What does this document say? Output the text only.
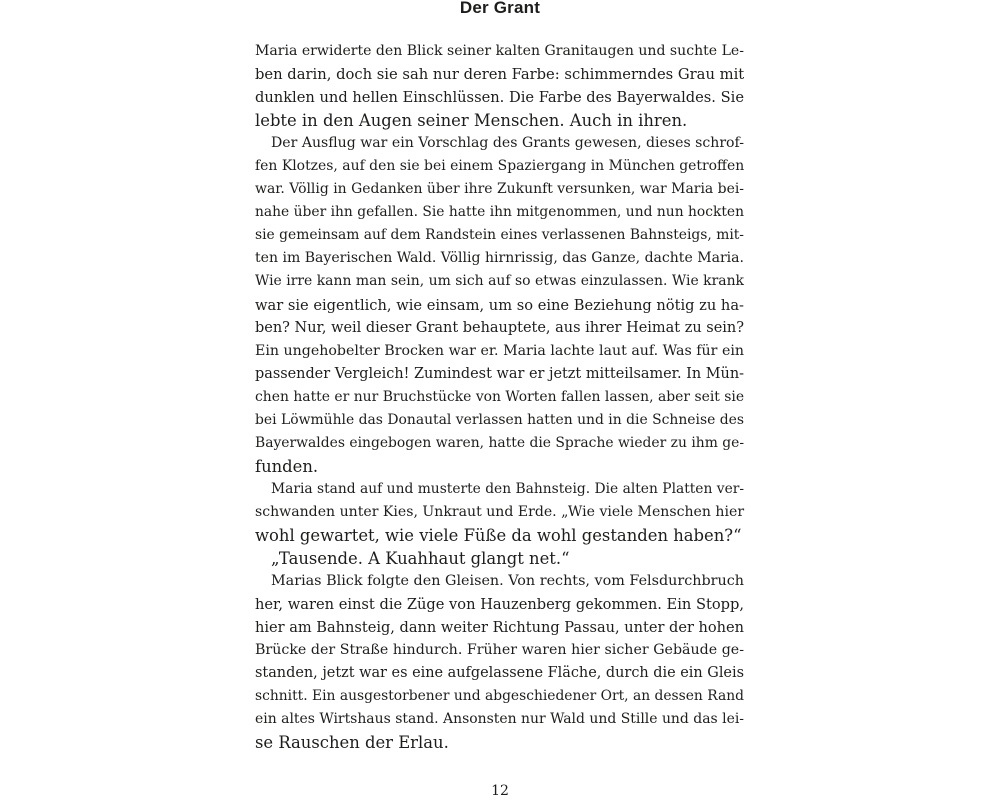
Der Grant
Maria erwiderte den Blick seiner kalten Granitaugen und suchte Le-
ben darin, doch sie sah nur deren Farbe: schimmerndes Grau mit
dunklen und hellen Einschlüssen. Die Farbe des Bayerwaldes. Sie
lebte in den Augen seiner Menschen. Auch in ihren.
Der Ausflug war ein Vorschlag des Grants gewesen, dieses schrof-
fen Klotzes, auf den sie bei einem Spaziergang in München getroffen
war. Völlig in Gedanken über ihre Zukunft versunken, war Maria bei-
nahe über ihn gefallen. Sie hatte ihn mitgenommen, und nun hockten
sie gemeinsam auf dem Randstein eines verlassenen Bahnsteigs, mit-
ten im Bayerischen Wald. Völlig hirnrissig, das Ganze, dachte Maria.
Wie irre kann man sein, um sich auf so etwas einzulassen. Wie krank
war sie eigentlich, wie einsam, um so eine Beziehung nötig zu ha-
ben? Nur, weil dieser Grant behauptete, aus ihrer Heimat zu sein?
Ein ungehobelter Brocken war er. Maria lachte laut auf. Was für ein
passender Vergleich! Zumindest war er jetzt mitteilsamer. In Mün-
chen hatte er nur Bruchstücke von Worten fallen lassen, aber seit sie
bei Löwmühle das Donautal verlassen hatten und in die Schneise des
Bayerwaldes eingebogen waren, hatte die Sprache wieder zu ihm ge-
funden.
Maria stand auf und musterte den Bahnsteig. Die alten Platten ver-
schwanden unter Kies, Unkraut und Erde. „Wie viele Menschen hier
wohl gewartet, wie viele Füße da wohl gestanden haben?“
„Tausende. A Kuahhaut glangt net.“
Marias Blick folgte den Gleisen. Von rechts, vom Felsdurchbruch
her, waren einst die Züge von Hauzenberg gekommen. Ein Stopp,
hier am Bahnsteig, dann weiter Richtung Passau, unter der hohen
Brücke der Straße hindurch. Früher waren hier sicher Gebäude ge-
standen, jetzt war es eine aufgelassene Fläche, durch die ein Gleis
schnitt. Ein ausgestorbener und abgeschiedener Ort, an dessen Rand
ein altes Wirtshaus stand. Ansonsten nur Wald und Stille und das lei-
se Rauschen der Erlau.
12
